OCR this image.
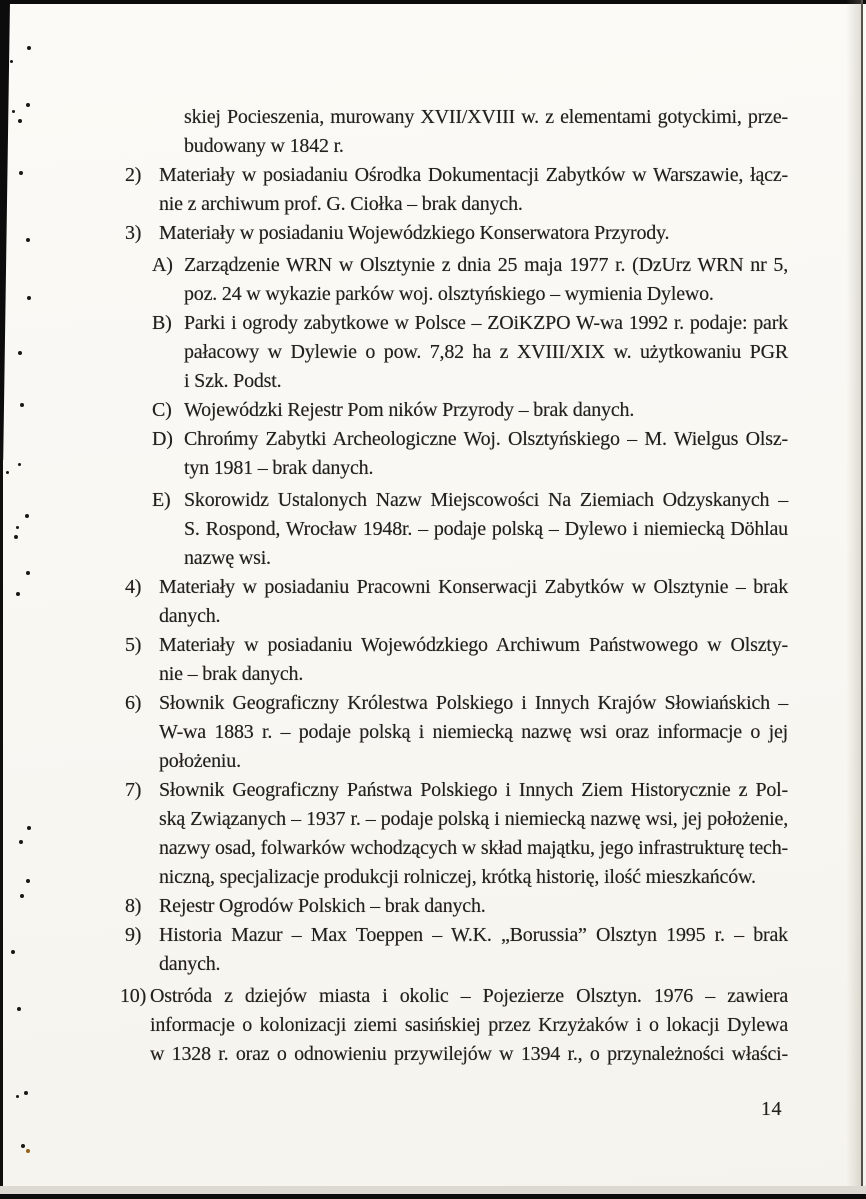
skiej Pocieszenia, murowany XVII/XVIII w. z elementami gotyckimi, prze-
budowany w 1842 r.
2) Materiały w posiadaniu Ośrodka Dokumentacji Zabytków w Warszawie, łącz-
nie z archiwum prof. G. Ciołka – brak danych.
3) Materiały w posiadaniu Wojewódzkiego Konserwatora Przyrody.
A) Zarządzenie WRN w Olsztynie z dnia 25 maja 1977 r. (DzUrz WRN nr 5,
poz. 24 w wykazie parków woj. olsztyńskiego – wymienia Dylewo.
B) Parki i ogrody zabytkowe w Polsce – ZOiKZPO W-wa 1992 r. podaje: park
pałacowy w Dylewie o pow. 7,82 ha z XVIII/XIX w. użytkowaniu PGR
i Szk. Podst.
C) Wojewódzki Rejestr Pom ników Przyrody – brak danych.
D) Chrońmy Zabytki Archeologiczne Woj. Olsztyńskiego – M. Wielgus Olsz-
tyn 1981 – brak danych.
E) Skorowidz Ustalonych Nazw Miejscowości Na Ziemiach Odzyskanych –
S. Rospond, Wrocław 1948r. – podaje polską – Dylewo i niemiecką Döhlau
nazwę wsi.
4) Materiały w posiadaniu Pracowni Konserwacji Zabytków w Olsztynie – brak
danych.
5) Materiały w posiadaniu Wojewódzkiego Archiwum Państwowego w Olszty-
nie – brak danych.
6) Słownik Geograficzny Królestwa Polskiego i Innych Krajów Słowiańskich –
W-wa 1883 r. – podaje polską i niemiecką nazwę wsi oraz informacje o jej
położeniu.
7) Słownik Geograficzny Państwa Polskiego i Innych Ziem Historycznie z Pol-
ską Związanych – 1937 r. – podaje polską i niemiecką nazwę wsi, jej położenie,
nazwy osad, folwarków wchodzących w skład majątku, jego infrastrukturę tech-
niczną, specjalizacje produkcji rolniczej, krótką historię, ilość mieszkańców.
8) Rejestr Ogrodów Polskich – brak danych.
9) Historia Mazur – Max Toeppen – W.K. „Borussia” Olsztyn 1995 r. – brak
danych.
10) Ostróda z dziejów miasta i okolic – Pojezierze Olsztyn. 1976 – zawiera
informacje o kolonizacji ziemi sasińskiej przez Krzyżaków i o lokacji Dylewa
w 1328 r. oraz o odnowieniu przywilejów w 1394 r., o przynależności właści-
14
